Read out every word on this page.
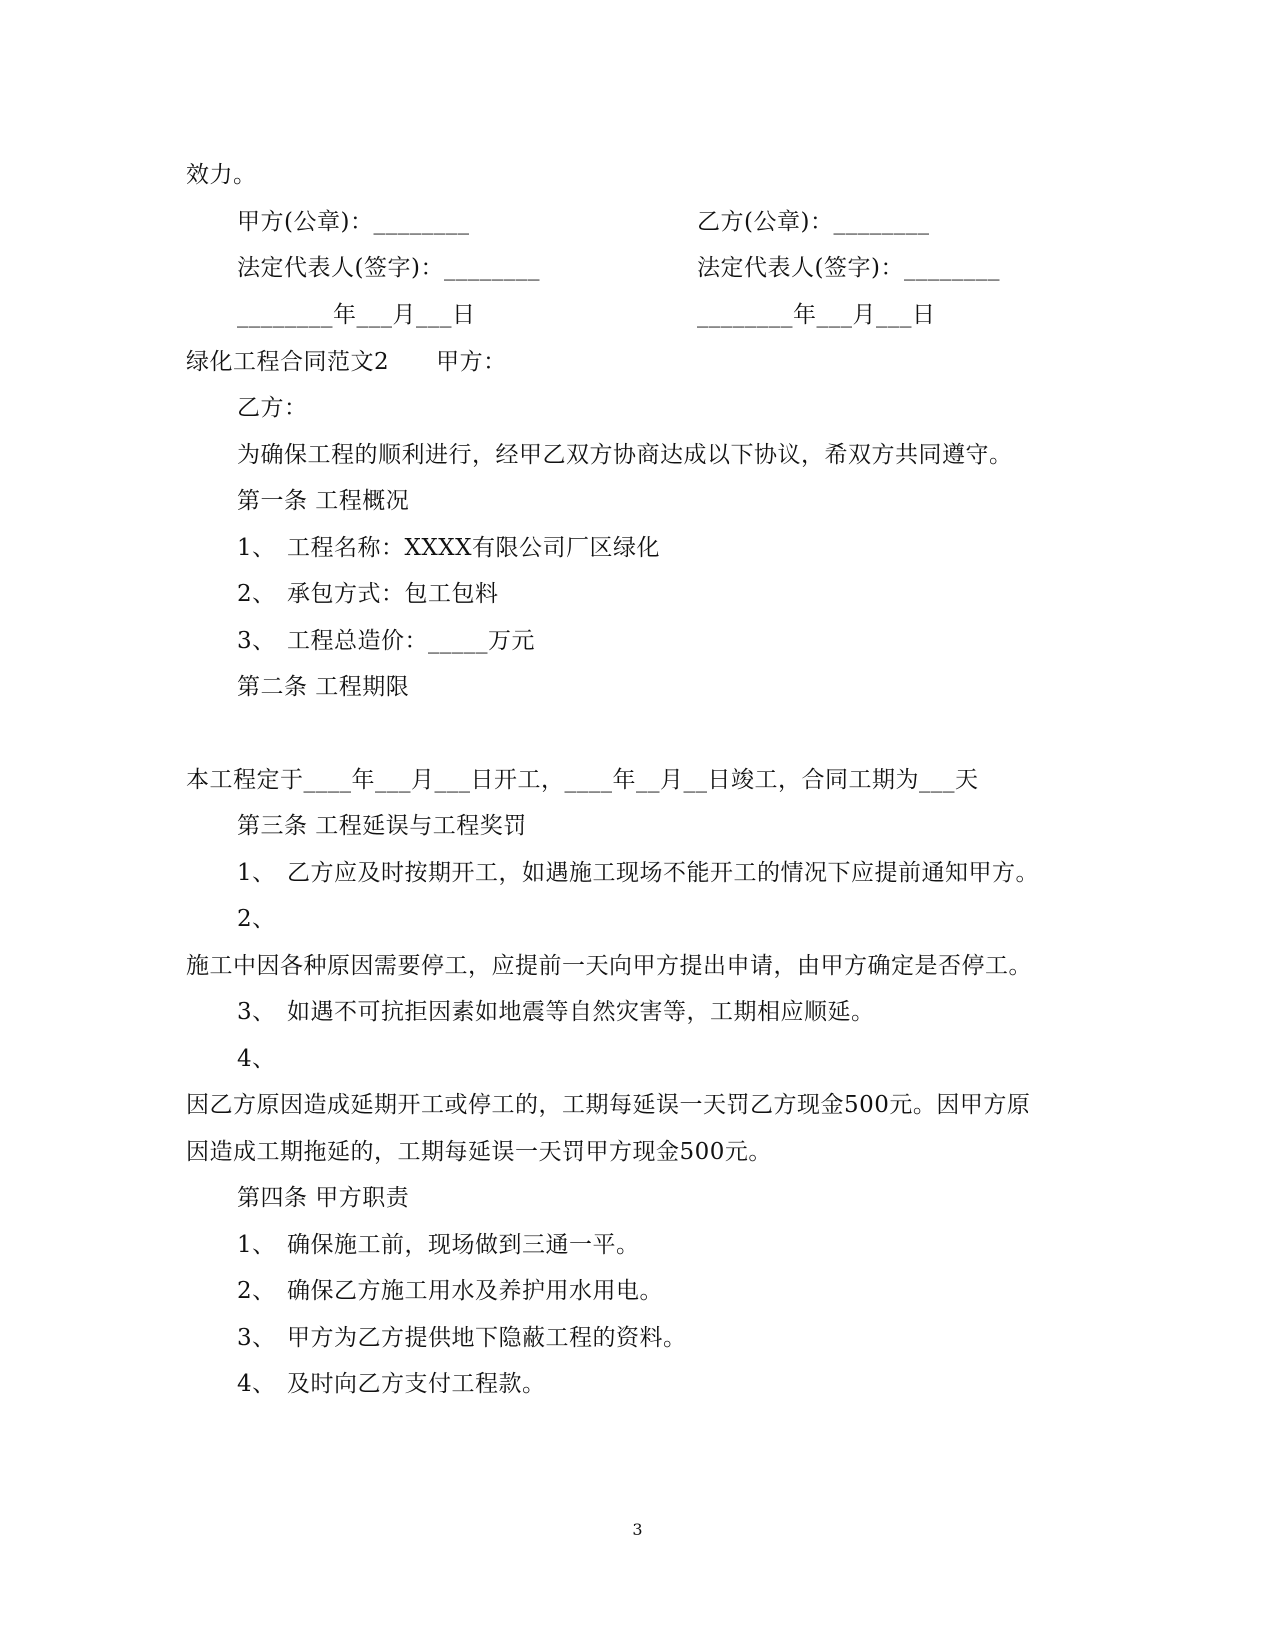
效力。
甲方(公章)：________	乙方(公章)：________
法定代表人(签字)：________	法定代表人(签字)：________
________年___月___日	________年___月___日
绿化工程合同范文2　　甲方：
乙方：
为确保工程的顺利进行，经甲乙双方协商达成以下协议，希双方共同遵守。
第一条 工程概况
1、 工程名称：XXXX有限公司厂区绿化
2、 承包方式：包工包料
3、 工程总造价：_____万元
第二条 工程期限
本工程定于____年___月___日开工，____年__月__日竣工，合同工期为___天
第三条 工程延误与工程奖罚
1、 乙方应及时按期开工，如遇施工现场不能开工的情况下应提前通知甲方。
2、
施工中因各种原因需要停工，应提前一天向甲方提出申请，由甲方确定是否停工。
3、 如遇不可抗拒因素如地震等自然灾害等，工期相应顺延。
4、
因乙方原因造成延期开工或停工的，工期每延误一天罚乙方现金500元。因甲方原
因造成工期拖延的，工期每延误一天罚甲方现金500元。
第四条 甲方职责
1、 确保施工前，现场做到三通一平。
2、 确保乙方施工用水及养护用水用电。
3、 甲方为乙方提供地下隐蔽工程的资料。
4、 及时向乙方支付工程款。
3
